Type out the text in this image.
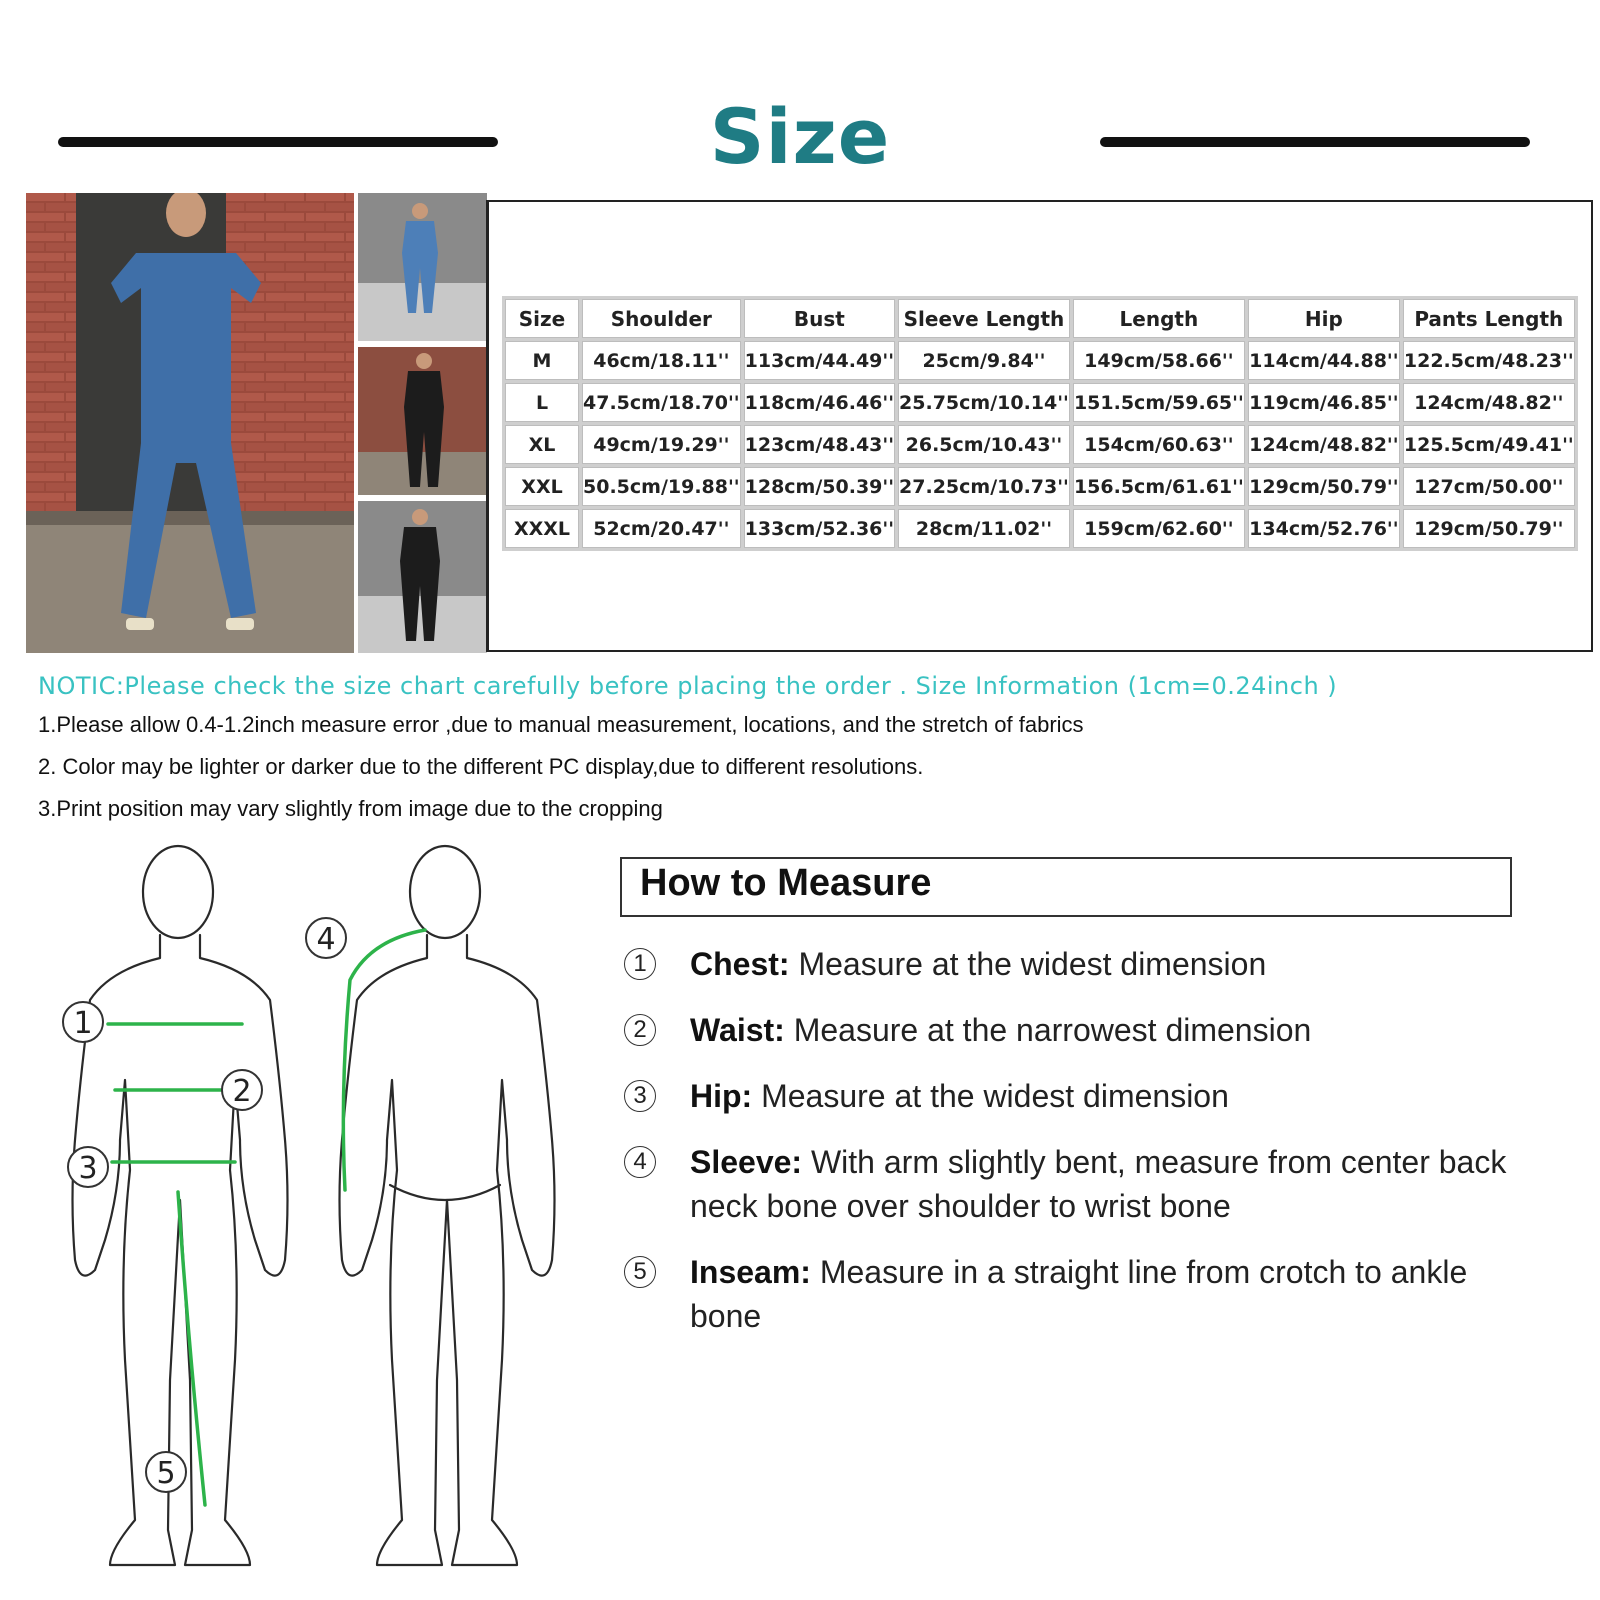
Size
Size	Shoulder	Bust	Sleeve Length	Length	Hip	Pants Length
M	46cm/18.11''	113cm/44.49''	25cm/9.84''	149cm/58.66''	114cm/44.88''	122.5cm/48.23''
L	47.5cm/18.70''	118cm/46.46''	25.75cm/10.14''	151.5cm/59.65''	119cm/46.85''	124cm/48.82''
XL	49cm/19.29''	123cm/48.43''	26.5cm/10.43''	154cm/60.63''	124cm/48.82''	125.5cm/49.41''
XXL	50.5cm/19.88''	128cm/50.39''	27.25cm/10.73''	156.5cm/61.61''	129cm/50.79''	127cm/50.00''
XXXL	52cm/20.47''	133cm/52.36''	28cm/11.02''	159cm/62.60''	134cm/52.76''	129cm/50.79''
NOTIC:Please check the size chart carefully before placing the order . Size Information (1cm=0.24inch )
1.Please allow 0.4-1.2inch measure error ,due to manual measurement, locations, and the stretch of fabrics
2. Color may be lighter or darker due to the different PC display,due to different resolutions.
3.Print position may vary slightly from image due to the cropping
1
2
3
4
5
How to Measure
1 Chest: Measure at the widest dimension
2 Waist: Measure at the narrowest dimension
3 Hip: Measure at the widest dimension
4 Sleeve: With arm slightly bent, measure from center back neck bone over shoulder to wrist bone
5 Inseam: Measure in a straight line from crotch to ankle bone
